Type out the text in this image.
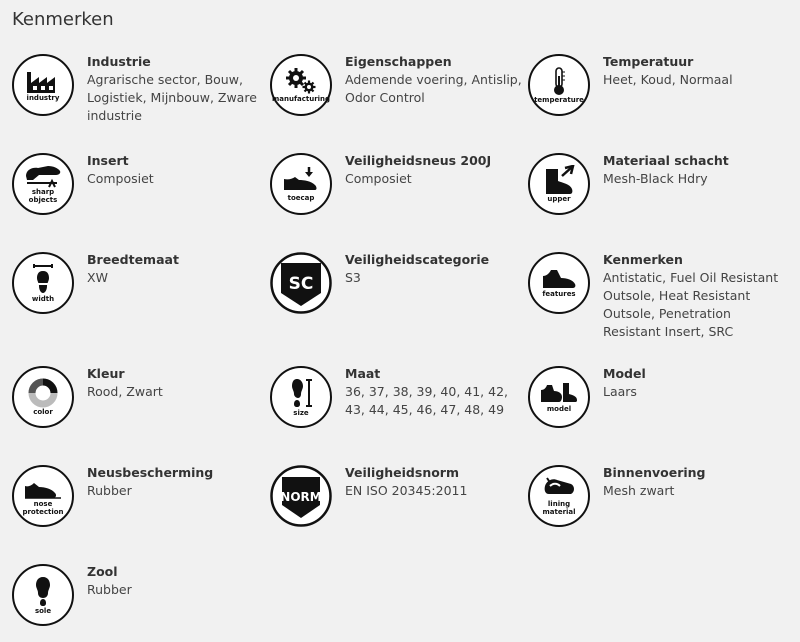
Kenmerken
industry
Industrie
Agrarische sector, Bouw, Logistiek, Mijnbouw, Zware industrie
manufacturing
Eigenschappen
Ademende voering, Antislip, Odor Control	temperature
Temperatuur
Heet, Koud, Normaal
sharp objects
Insert
Composiet
toecap
Veiligheidsneus 200J
Composiet
upper
Materiaal schacht
Mesh-Black Hdry
width
Breedtemaat
XW	SC
Veiligheidscategorie
S3
features
Kenmerken
Antistatic, Fuel Oil Resistant Outsole, Heat Resistant Outsole, Penetration Resistant Insert, SRC
color
Kleur
Rood, Zwart
size
Maat
36, 37, 38, 39, 40, 41, 42, 43, 44, 45, 46, 47, 48, 49	model
Model
Laars
nose protection
Neusbescherming
Rubber	NORM
Veiligheidsnorm
EN ISO 20345:2011
lining material
Binnenvoering
Mesh zwart
sole
Zool
Rubber
